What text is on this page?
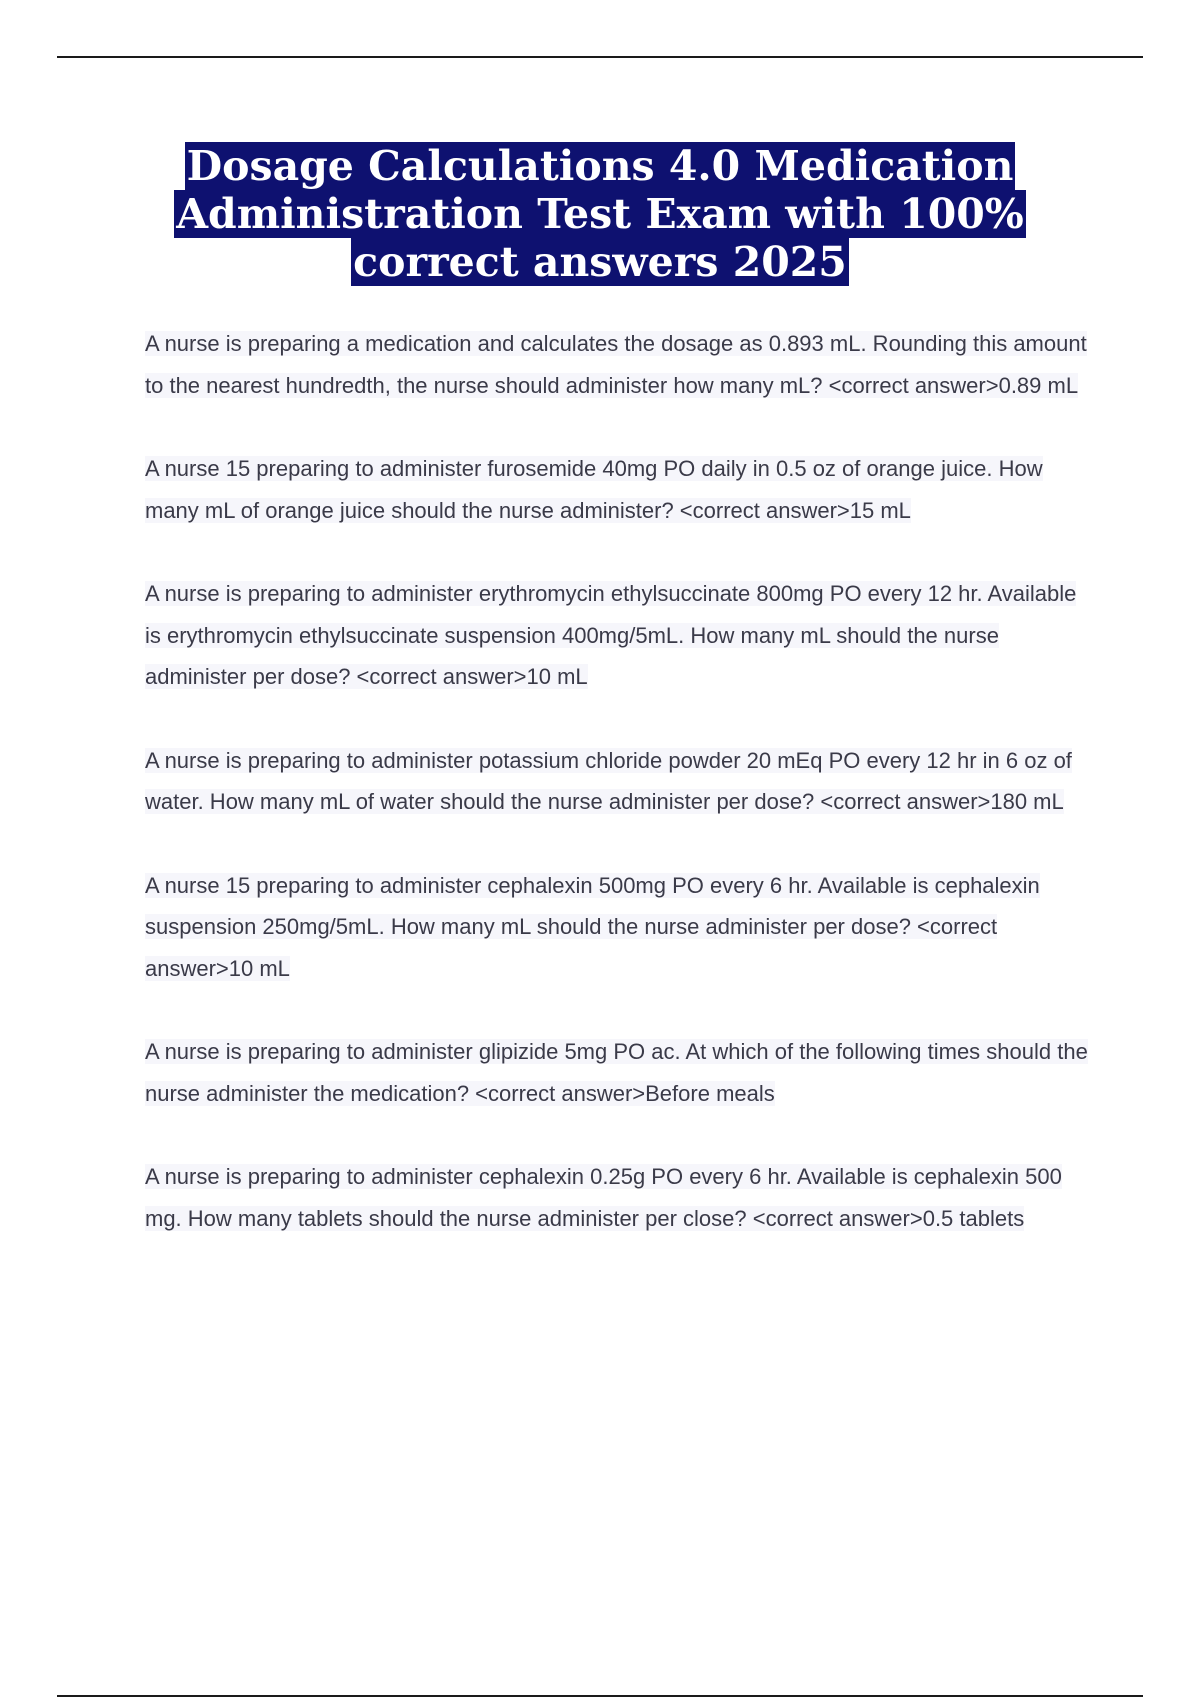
Dosage Calculations 4.0 Medication Administration Test Exam with 100% correct answers 2025

A nurse is preparing a medication and calculates the dosage as 0.893 mL. Rounding this amount to the nearest hundredth, the nurse should administer how many mL? <correct answer>0.89 mL

A nurse 15 preparing to administer furosemide 40mg PO daily in 0.5 oz of orange juice. How many mL of orange juice should the nurse administer? <correct answer>15 mL

A nurse is preparing to administer erythromycin ethylsuccinate 800mg PO every 12 hr. Available is erythromycin ethylsuccinate suspension 400mg/5mL. How many mL should the nurse administer per dose? <correct answer>10 mL

A nurse is preparing to administer potassium chloride powder 20 mEq PO every 12 hr in 6 oz of water. How many mL of water should the nurse administer per dose? <correct answer>180 mL

A nurse 15 preparing to administer cephalexin 500mg PO every 6 hr. Available is cephalexin suspension 250mg/5mL. How many mL should the nurse administer per dose? <correct answer>10 mL

A nurse is preparing to administer glipizide 5mg PO ac. At which of the following times should the nurse administer the medication? <correct answer>Before meals

A nurse is preparing to administer cephalexin 0.25g PO every 6 hr. Available is cephalexin 500 mg. How many tablets should the nurse administer per close? <correct answer>0.5 tablets
